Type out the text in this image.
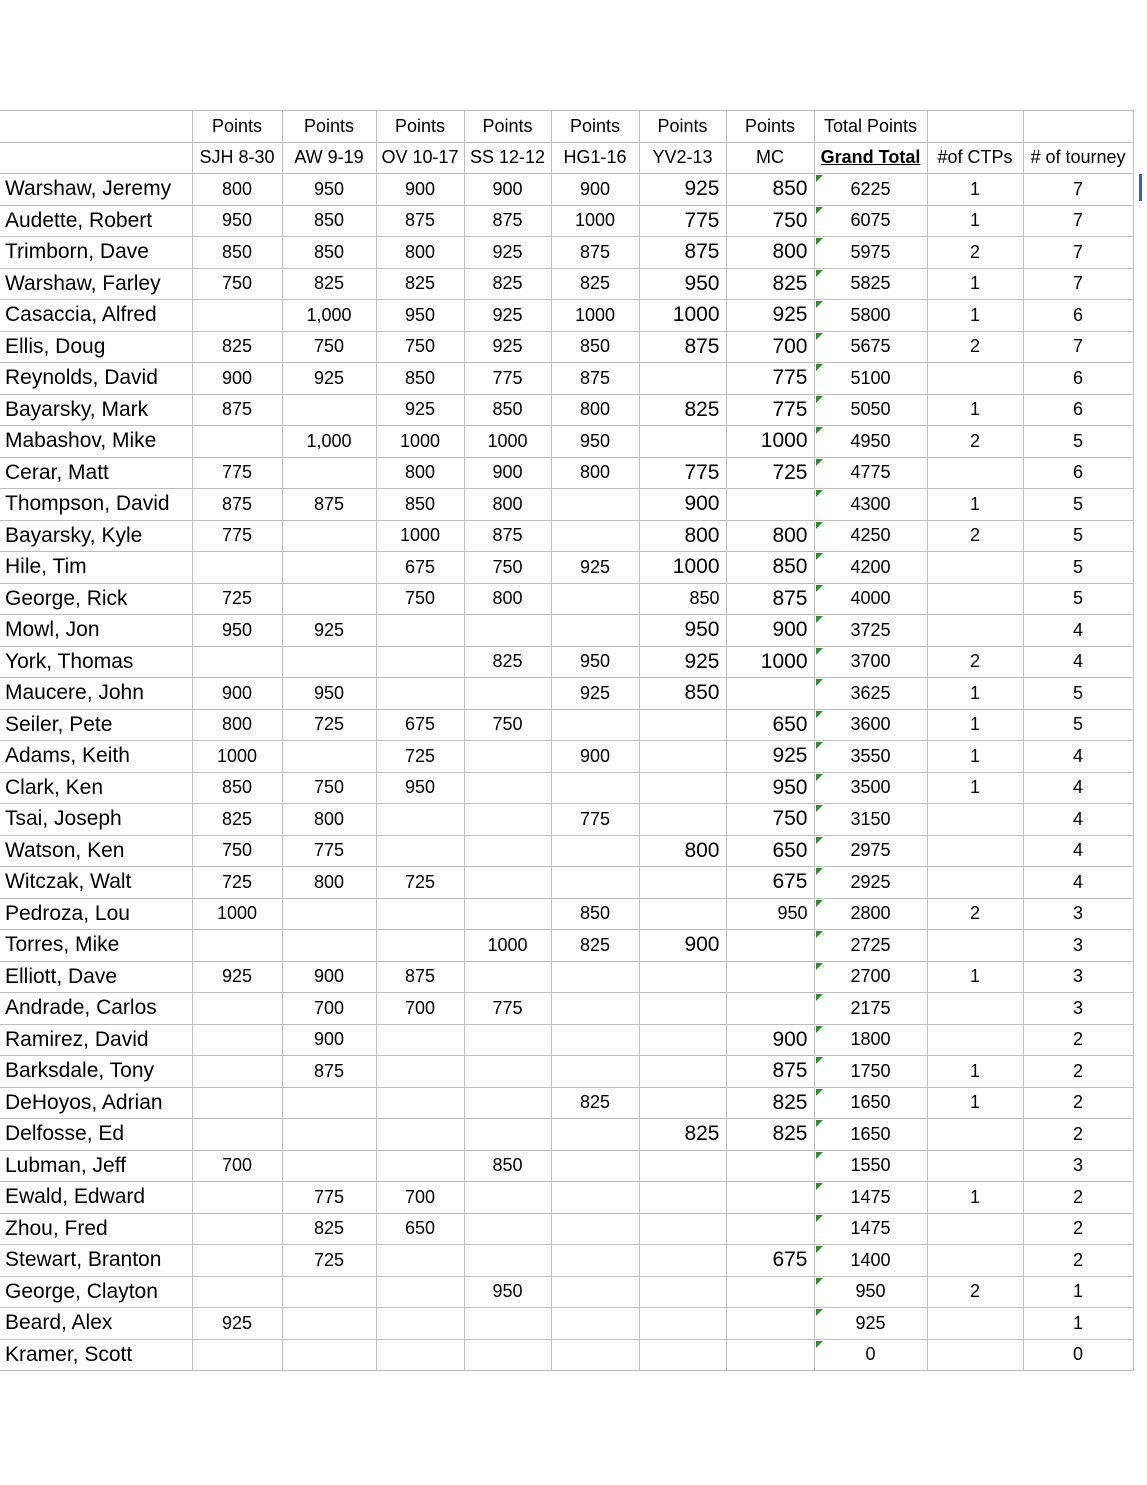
	Points	Points	Points	Points	Points	Points	Points	Total Points		
	SJH 8-30	AW 9-19	OV 10-17	SS 12-12	HG1-16	YV2-13	MC	Grand Total	#of CTPs	# of tourney
Warshaw, Jeremy	800	950	900	900	900	925	850	6225	1	7
Audette, Robert	950	850	875	875	1000	775	750	6075	1	7
Trimborn, Dave	850	850	800	925	875	875	800	5975	2	7
Warshaw, Farley	750	825	825	825	825	950	825	5825	1	7
Casaccia, Alfred		1,000	950	925	1000	1000	925	5800	1	6
Ellis, Doug	825	750	750	925	850	875	700	5675	2	7
Reynolds, David	900	925	850	775	875		775	5100		6
Bayarsky, Mark	875		925	850	800	825	775	5050	1	6
Mabashov, Mike		1,000	1000	1000	950		1000	4950	2	5
Cerar, Matt	775		800	900	800	775	725	4775		6
Thompson, David	875	875	850	800		900		4300	1	5
Bayarsky, Kyle	775		1000	875		800	800	4250	2	5
Hile, Tim			675	750	925	1000	850	4200		5
George, Rick	725		750	800		850	875	4000		5
Mowl, Jon	950	925				950	900	3725		4
York, Thomas				825	950	925	1000	3700	2	4
Maucere, John	900	950			925	850		3625	1	5
Seiler, Pete	800	725	675	750			650	3600	1	5
Adams, Keith	1000		725		900		925	3550	1	4
Clark, Ken	850	750	950				950	3500	1	4
Tsai, Joseph	825	800			775		750	3150		4
Watson, Ken	750	775				800	650	2975		4
Witczak, Walt	725	800	725				675	2925		4
Pedroza, Lou	1000				850		950	2800	2	3
Torres, Mike				1000	825	900		2725		3
Elliott, Dave	925	900	875					2700	1	3
Andrade, Carlos		700	700	775				2175		3
Ramirez, David		900					900	1800		2
Barksdale, Tony		875					875	1750	1	2
DeHoyos, Adrian					825		825	1650	1	2
Delfosse, Ed						825	825	1650		2
Lubman, Jeff	700			850				1550		3
Ewald, Edward		775	700					1475	1	2
Zhou, Fred		825	650					1475		2
Stewart, Branton		725					675	1400		2
George, Clayton				950				950	2	1
Beard, Alex	925							925		1
Kramer, Scott								0		0
